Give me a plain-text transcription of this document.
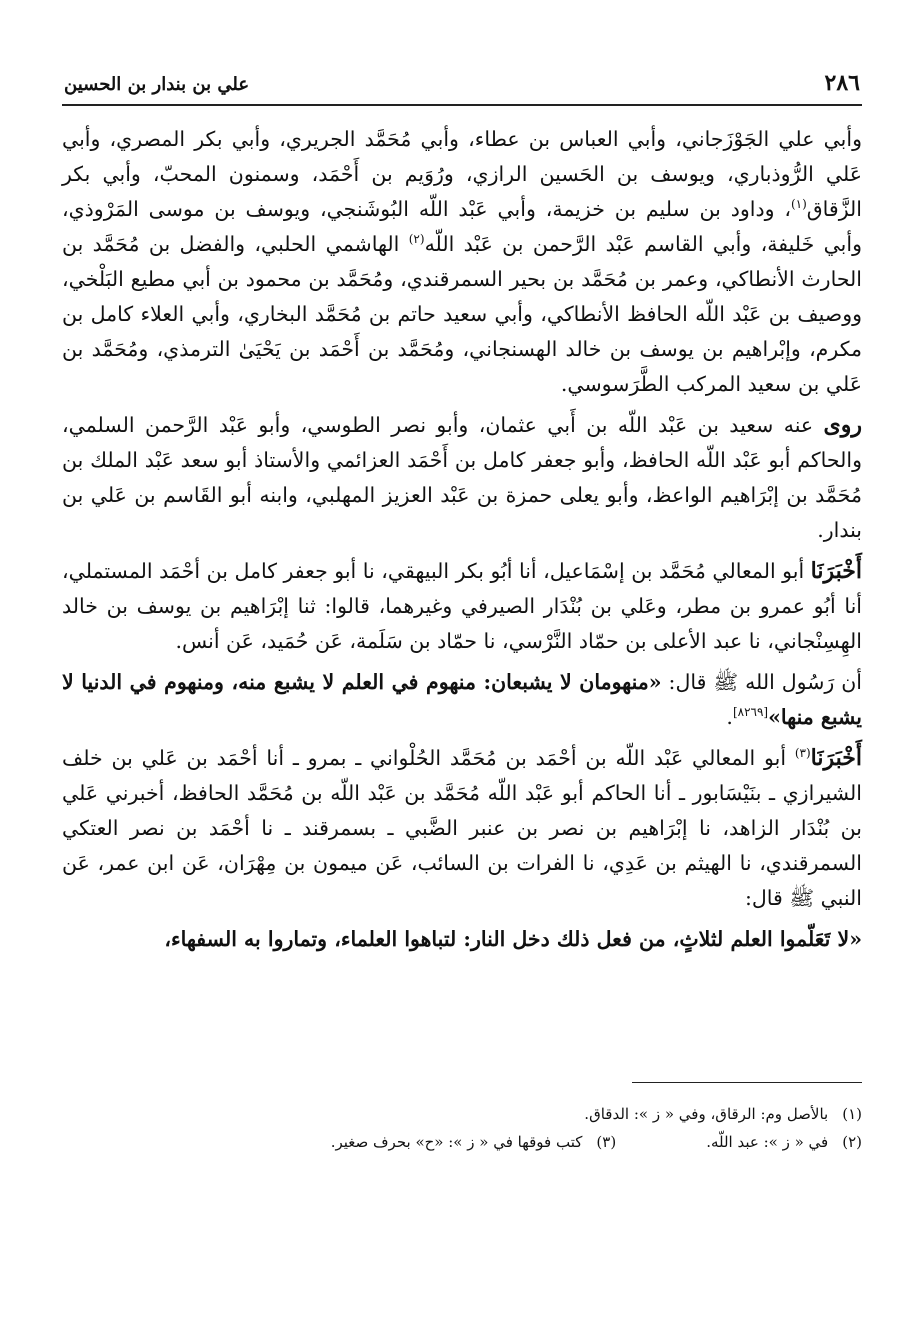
٢٨٦
علي بن بندار بن الحسين

وأبي علي الجَوْزَجاني، وأبي العباس بن عطاء، وأبي مُحَمَّد الجريري، وأبي بكر المصري، وأبي عَلي الرُّوذباري، ويوسف بن الحَسين الرازي، ورُوَيم بن أَحْمَد، وسمنون المحبّ، وأبي بكر الزَّقاق$^{(١)}$، وداود بن سليم بن خزيمة، وأبي عَبْد اللّه البُوشَنجي، ويوسف بن موسى المَرْوذي، وأبي خَليفة، وأبي القاسم عَبْد الرَّحمن بن عَبْد اللّه$^{(٢)}$ الهاشمي الحلبي، والفضل بن مُحَمَّد بن الحارث الأنطاكي، وعمر بن مُحَمَّد بن بحير السمرقندي، ومُحَمَّد بن محمود بن أبي مطيع البَلْخي، ووصيف بن عَبْد اللّه الحافظ الأنطاكي، وأبي سعيد حاتم بن مُحَمَّد البخاري، وأبي العلاء كامل بن مكرم، وإبْراهيم بن يوسف بن خالد الهسنجاني، ومُحَمَّد بن أَحْمَد بن يَحْيَىٰ الترمذي، ومُحَمَّد بن عَلي بن سعيد المركب الطَّرَسوسي.

روى عنه سعيد بن عَبْد اللّه بن أَبي عثمان، وأبو نصر الطوسي، وأبو عَبْد الرَّحمن السلمي، والحاكم أبو عَبْد اللّه الحافظ، وأبو جعفر كامل بن أَحْمَد العزائمي والأستاذ أبو سعد عَبْد الملك بن مُحَمَّد بن إبْرَاهيم الواعظ، وأبو يعلى حمزة بن عَبْد العزيز المهلبي، وابنه أبو القَاسم بن عَلي بن بندار.

أَخْبَرَنَا أبو المعالي مُحَمَّد بن إسْمَاعيل، أنا أبُو بكر البيهقي، نا أبو جعفر كامل بن أحْمَد المستملي، أنا أبُو عمرو بن مطر، وعَلي بن بُنْدَار الصيرفي وغيرهما، قالوا: ثنا إبْرَاهيم بن يوسف بن خالد الهِسِنْجاني، نا عبد الأعلى بن حمّاد النَّرْسي، نا حمّاد بن سَلَمة، عَن حُمَيد، عَن أنس.

أن رَسُول الله ﷺ قال: «منهومان لا يشبعان: منهوم في العلم لا يشبع منه، ومنهوم في الدنيا لا يشبع منها»[٨٢٦٩].

أَخْبَرَنَا$^{(٣)}$ أبو المعالي عَبْد اللّه بن أحْمَد بن مُحَمَّد الحُلْواني ـ بمرو ـ أنا أحْمَد بن عَلي بن خلف الشيرازي ـ بنَيْسَابور ـ أنا الحاكم أبو عَبْد اللّه مُحَمَّد بن عَبْد اللّه بن مُحَمَّد الحافظ، أخبرني عَلي بن بُنْدَار الزاهد، نا إبْرَاهيم بن نصر بن عنبر الضَّبي ـ بسمرقند ـ نا أحْمَد بن نصر العتكي السمرقندي، نا الهيثم بن عَدِي، نا الفرات بن السائب، عَن ميمون بن مِهْرَان، عَن ابن عمر، عَن النبي ﷺ قال:

«لا تَعَلّموا العلم لثلاثٍ، من فعل ذلك دخل النار: لتباهوا العلماء، وتماروا به السفهاء،

(١)بالأصل وم: الرقاق، وفي « ز »: الدقاق.
(٢)في « ز »: عبد اللّه.
(٣)كتب فوقها في « ز »: «ح» بحرف صغير.
